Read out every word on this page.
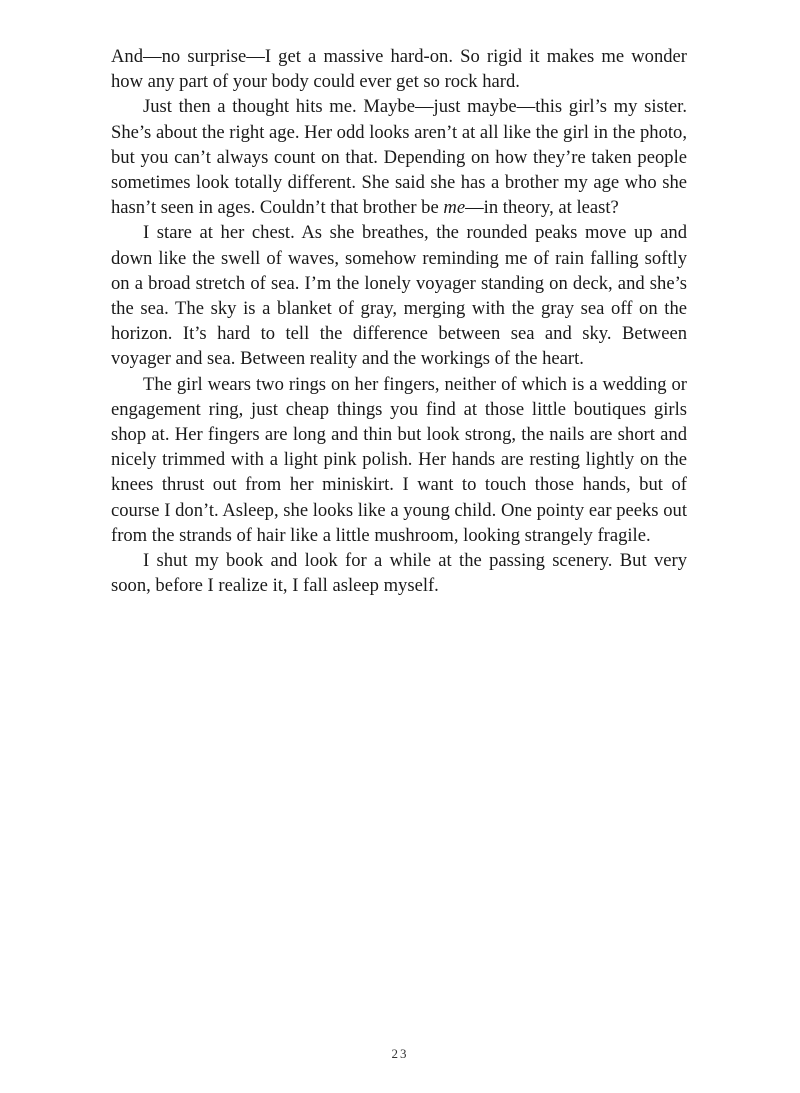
And—no surprise—I get a massive hard-on. So rigid it makes me wonder how any part of your body could ever get so rock hard.

Just then a thought hits me. Maybe—just maybe—this girl’s my sister. She’s about the right age. Her odd looks aren’t at all like the girl in the photo, but you can’t always count on that. Depending on how they’re taken people sometimes look totally different. She said she has a brother my age who she hasn’t seen in ages. Couldn’t that brother be me—in theory, at least?

I stare at her chest. As she breathes, the rounded peaks move up and down like the swell of waves, somehow reminding me of rain falling softly on a broad stretch of sea. I’m the lonely voyager standing on deck, and she’s the sea. The sky is a blanket of gray, merging with the gray sea off on the horizon. It’s hard to tell the difference between sea and sky. Between voyager and sea. Between reality and the workings of the heart.

The girl wears two rings on her fingers, neither of which is a wedding or engagement ring, just cheap things you find at those little boutiques girls shop at. Her fingers are long and thin but look strong, the nails are short and nicely trimmed with a light pink polish. Her hands are resting lightly on the knees thrust out from her miniskirt. I want to touch those hands, but of course I don’t. Asleep, she looks like a young child. One pointy ear peeks out from the strands of hair like a little mushroom, looking strangely fragile.

I shut my book and look for a while at the passing scenery. But very soon, before I realize it, I fall asleep myself.

23
